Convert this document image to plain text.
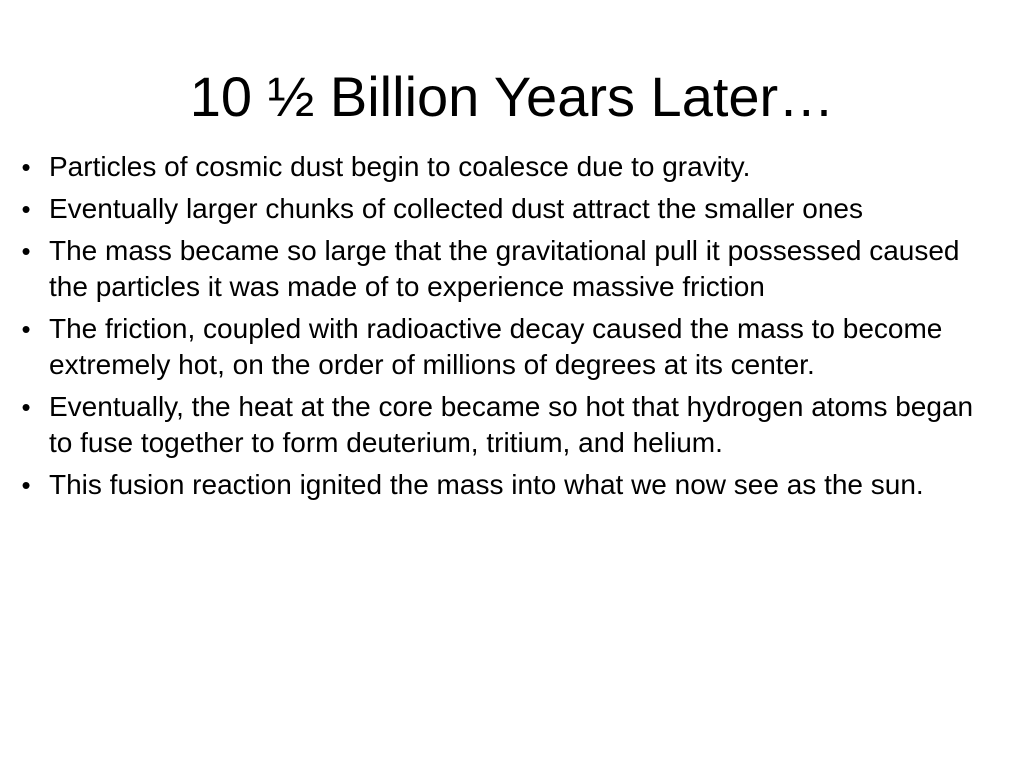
10 ½ Billion Years Later…
• Particles of cosmic dust begin to coalesce due to gravity.
• Eventually larger chunks of collected dust attract the smaller ones
• The mass became so large that the gravitational pull it possessed caused the particles it was made of to experience massive friction
• The friction, coupled with radioactive decay caused the mass to become extremely hot, on the order of millions of degrees at its center.
• Eventually, the heat at the core became so hot that hydrogen atoms began to fuse together to form deuterium, tritium, and helium.
• This fusion reaction ignited the mass into what we now see as the sun.
